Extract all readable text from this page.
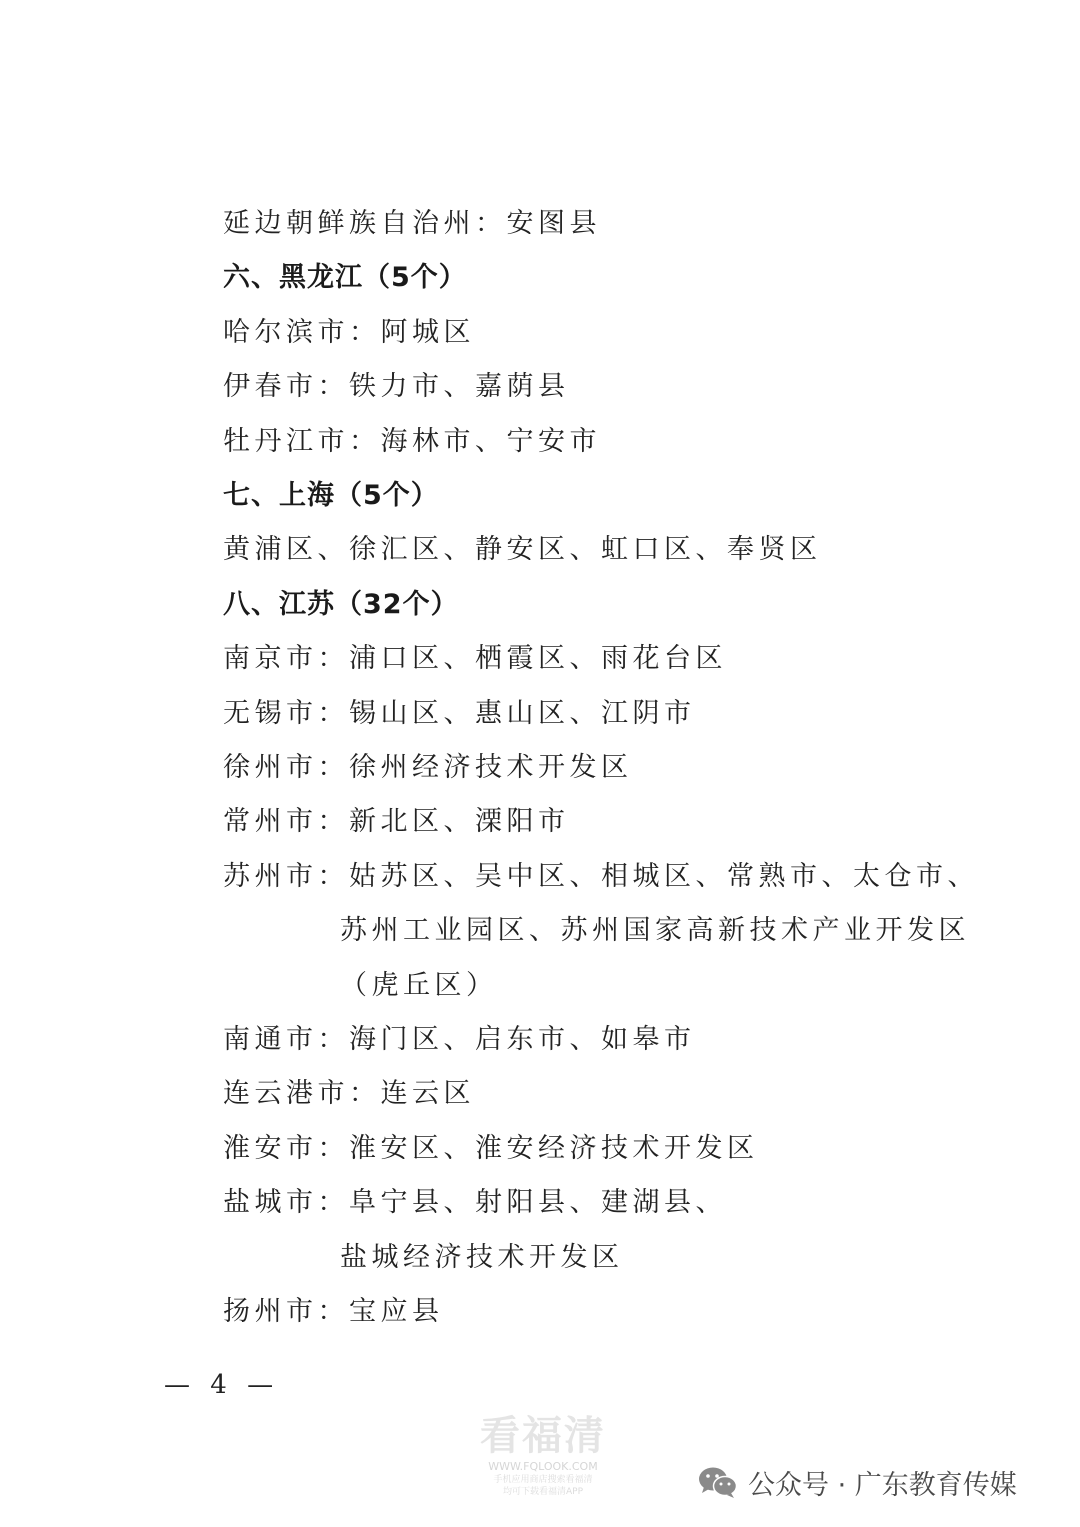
延边朝鲜族自治州：安图县
六、黑龙江（5个）
哈尔滨市：阿城区
伊春市：铁力市、嘉荫县
牡丹江市：海林市、宁安市
七、上海（5个）
黄浦区、徐汇区、静安区、虹口区、奉贤区
八、江苏（32个）
南京市：浦口区、栖霞区、雨花台区
无锡市：锡山区、惠山区、江阴市
徐州市：徐州经济技术开发区
常州市：新北区、溧阳市
苏州市：姑苏区、吴中区、相城区、常熟市、太仓市、
苏州工业园区、苏州国家高新技术产业开发区
（虎丘区）
南通市：海门区、启东市、如皋市
连云港市：连云区
淮安市：淮安区、淮安经济技术开发区
盐城市：阜宁县、射阳县、建湖县、
盐城经济技术开发区
扬州市：宝应县
— 4 —
看福清
WWW.FQLOOK.COM
手机应用商店搜索看福清
均可下载看福清APP	公众号 · 广东教育传媒
